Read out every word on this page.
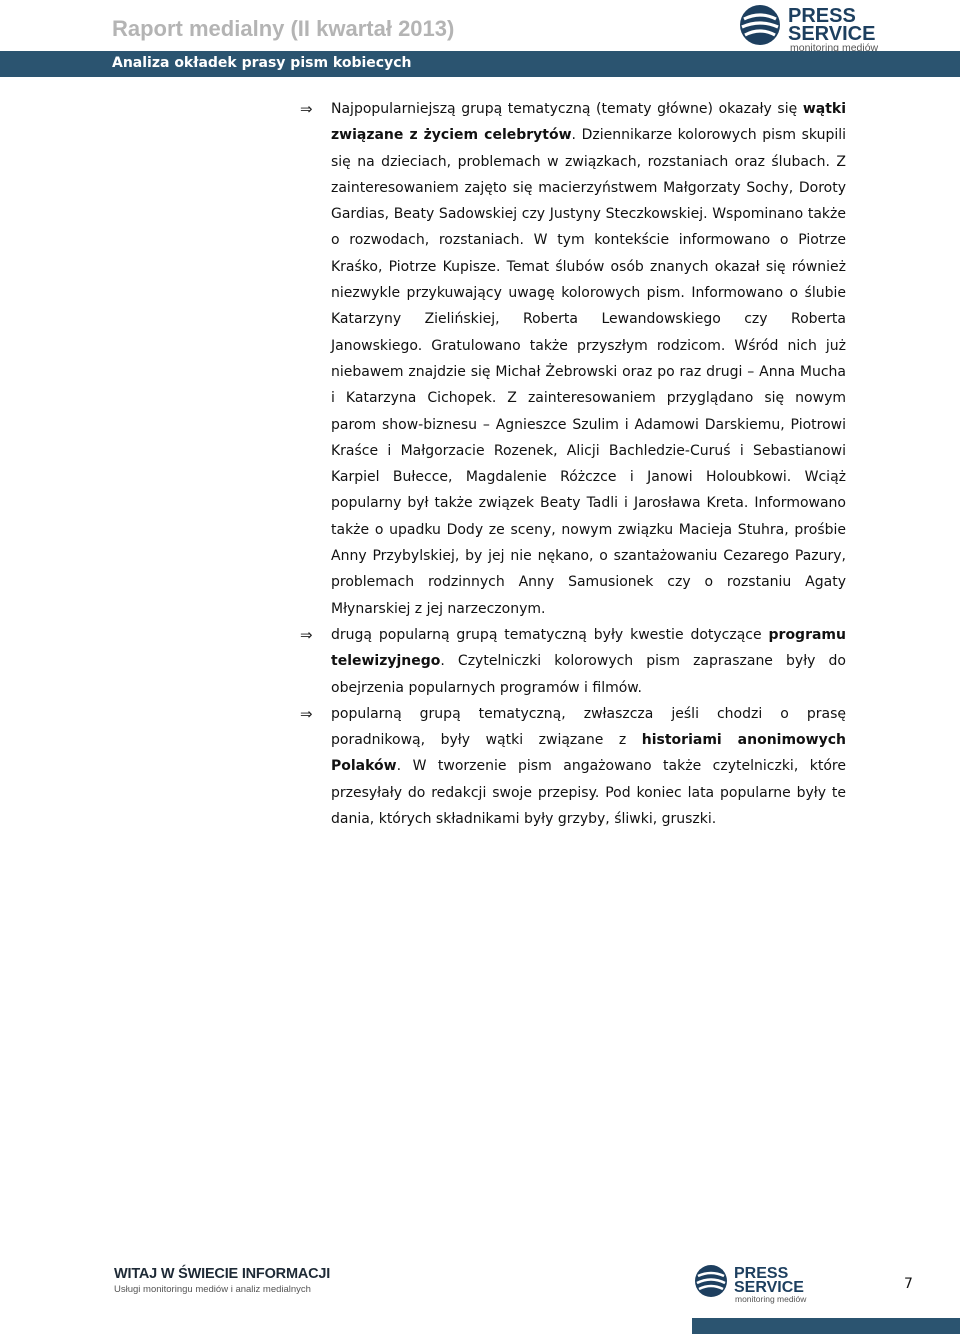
Raport medialny (II kwartał 2013)
Analiza okładek prasy pism kobiecych
PRESS
SERVICE
monitoring mediów
⇒ Najpopularniejszą grupą tematyczną (tematy główne) okazały się wątki związane z życiem celebrytów. Dziennikarze kolorowych pism skupili się na dzieciach, problemach w związkach, rozstaniach oraz ślubach. Z zainteresowaniem zajęto się macierzyństwem Małgorzaty Sochy, Doroty Gardias, Beaty Sadowskiej czy Justyny Steczkowskiej. Wspominano także o rozwodach, rozstaniach. W tym kontekście informowano o Piotrze Kraśko, Piotrze Kupisze. Temat ślubów osób znanych okazał się również niezwykle przykuwający uwagę kolorowych pism. Informowano o ślubie Katarzyny Zielińskiej, Roberta Lewandowskiego czy Roberta Janowskiego. Gratulowano także przyszłym rodzicom. Wśród nich już niebawem znajdzie się Michał Żebrowski oraz po raz drugi – Anna Mucha i Katarzyna Cichopek. Z zainteresowaniem przyglądano się nowym parom show-biznesu – Agnieszce Szulim i Adamowi Darskiemu, Piotrowi Kraśce i Małgorzacie Rozenek, Alicji Bachledzie-Curuś i Sebastianowi Karpiel Bułecce, Magdalenie Różczce i Janowi Holoubkowi. Wciąż popularny był także związek Beaty Tadli i Jarosława Kreta. Informowano także o upadku Dody ze sceny, nowym związku Macieja Stuhra, prośbie Anny Przybylskiej, by jej nie nękano, o szantażowaniu Cezarego Pazury, problemach rodzinnych Anny Samusionek czy o rozstaniu Agaty Młynarskiej z jej narzeczonym.
⇒ drugą popularną grupą tematyczną były kwestie dotyczące programu telewizyjnego. Czytelniczki kolorowych pism zapraszane były do obejrzenia popularnych programów i filmów.
⇒ popularną grupą tematyczną, zwłaszcza jeśli chodzi o prasę poradnikową, były wątki związane z historiami anonimowych Polaków. W tworzenie pism angażowano także czytelniczki, które przesyłały do redakcji swoje przepisy. Pod koniec lata popularne były te dania, których składnikami były grzyby, śliwki, gruszki.
WITAJ W ŚWIECIE INFORMACJI
Usługi monitoringu mediów i analiz medialnych
PRESS
SERVICE
monitoring mediów
7
